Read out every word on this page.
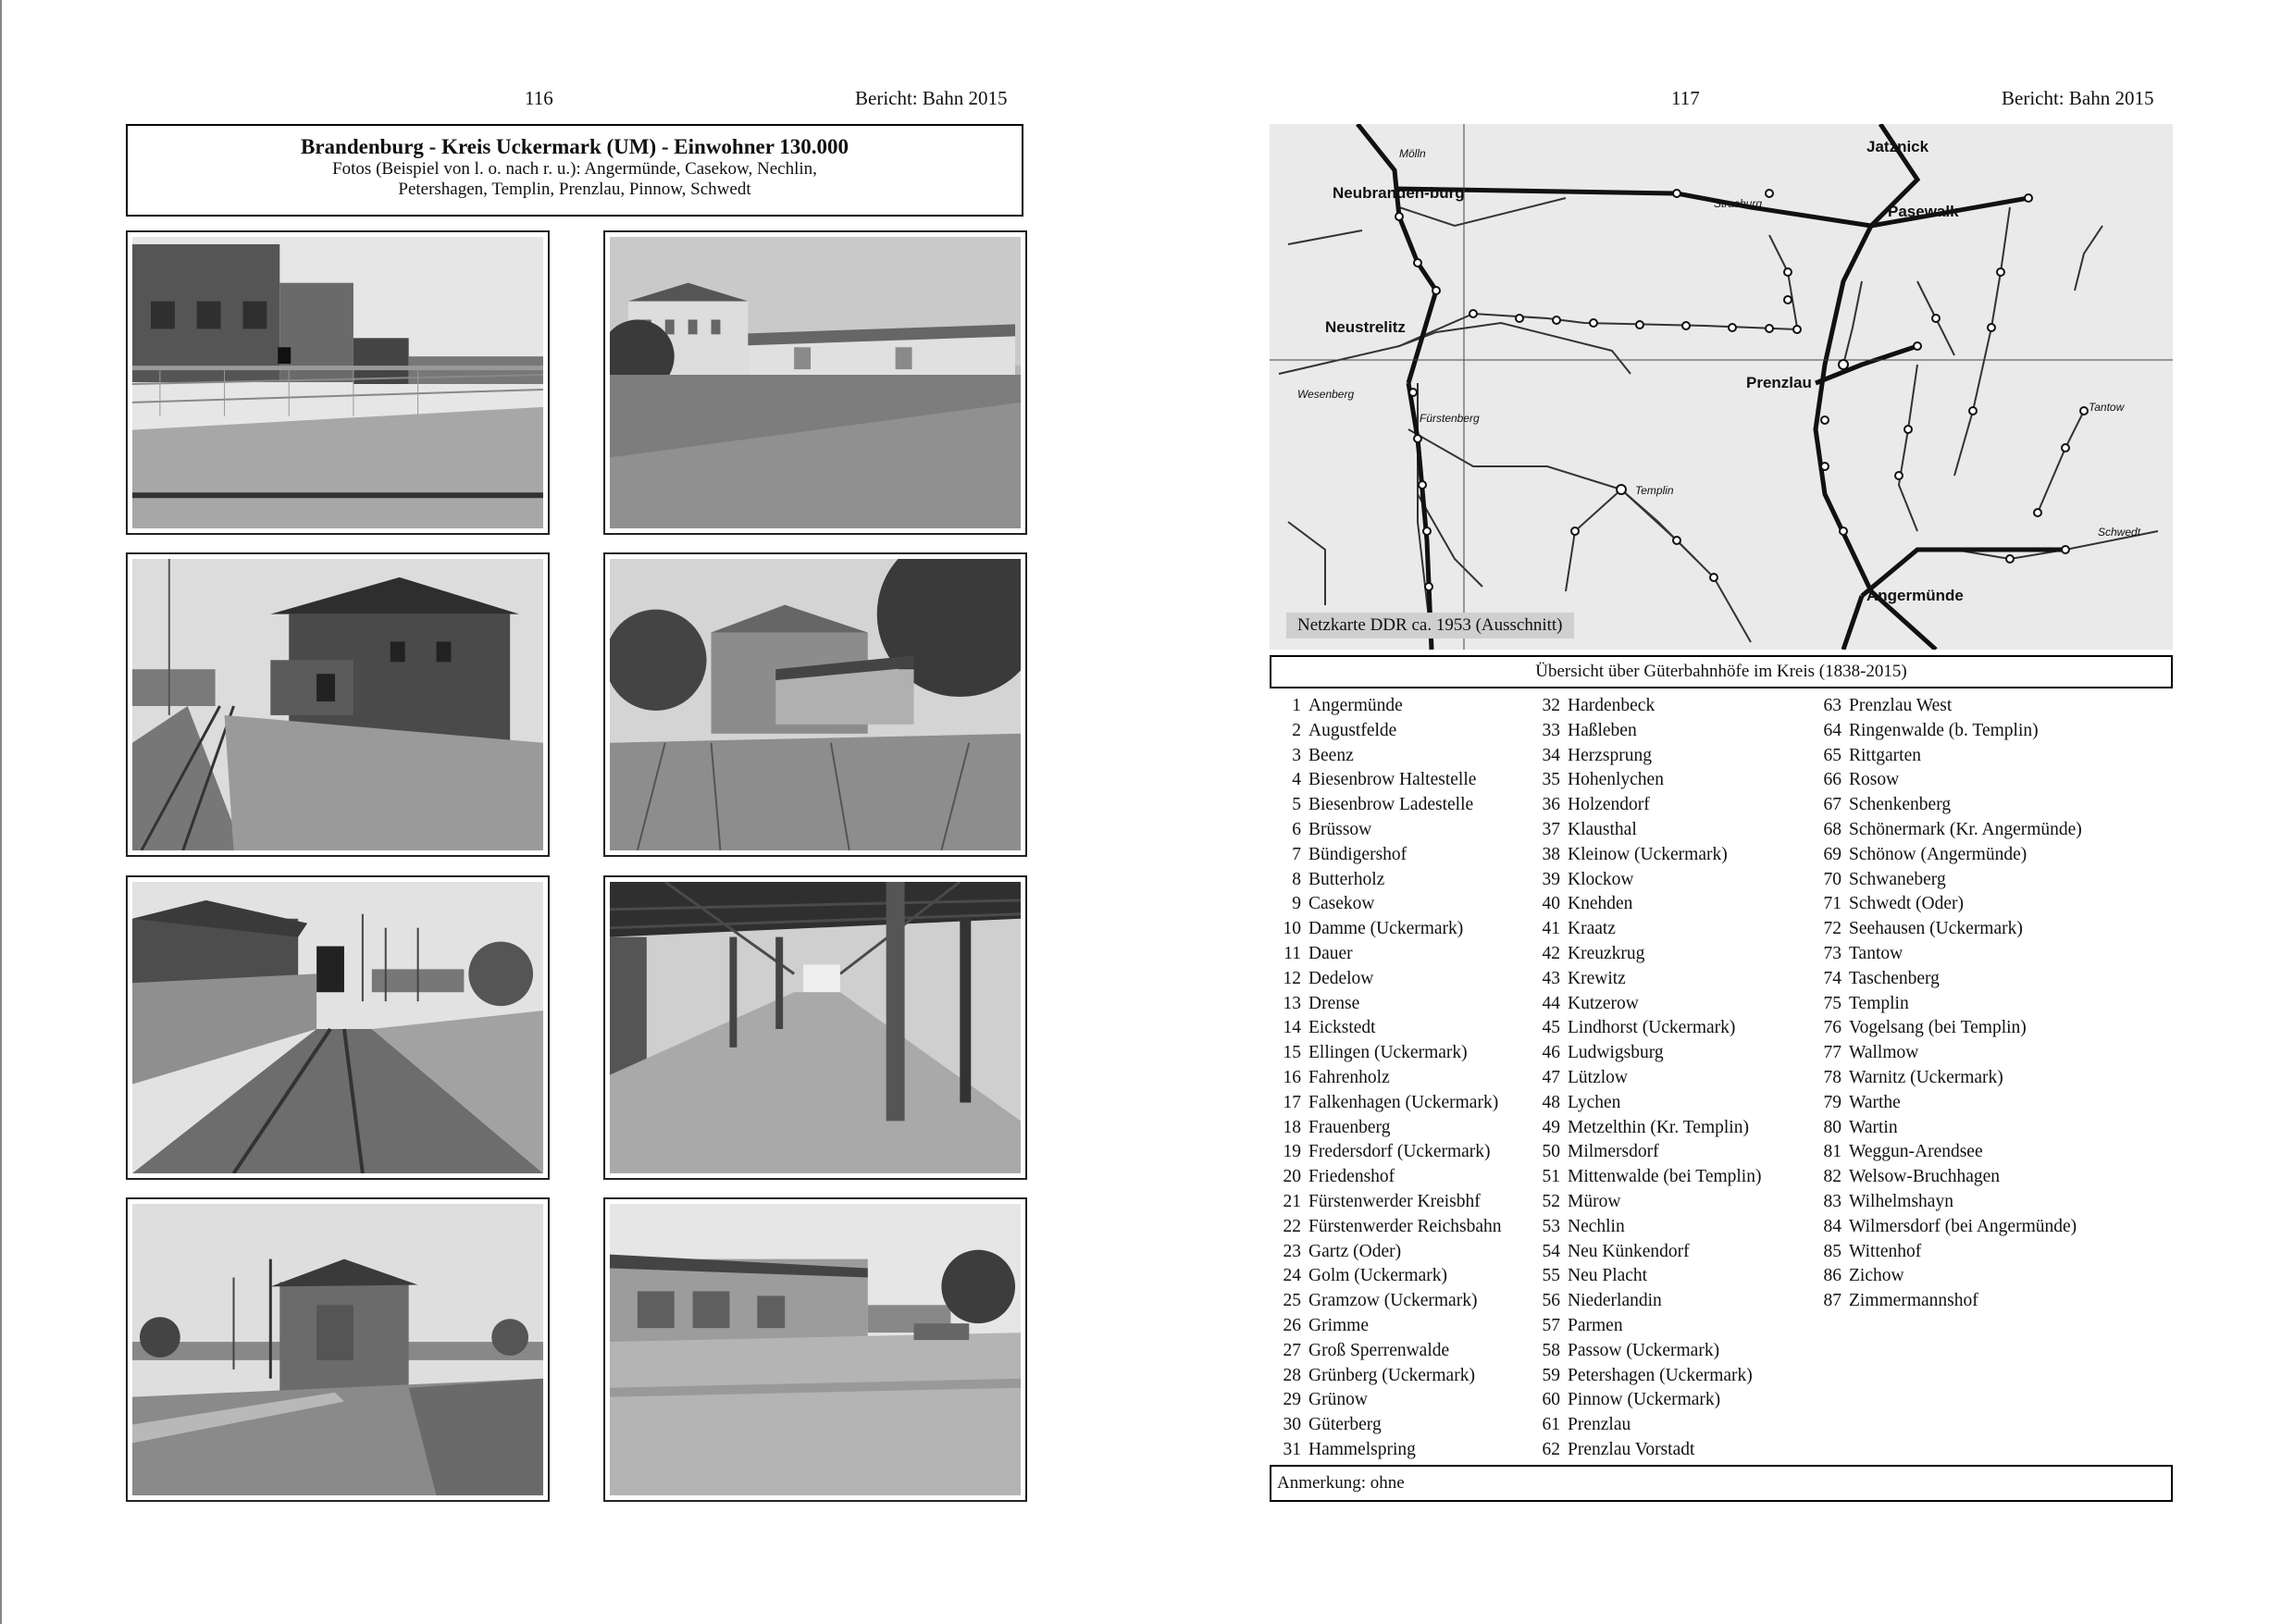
116	Bericht: Bahn 2015
Brandenburg - Kreis Uckermark (UM) - Einwohner 130.000
Fotos (Beispiel von l. o. nach r. u.): Angermünde, Casekow, Nechlin, Petershagen, Templin, Prenzlau, Pinnow, Schwedt
117	Bericht: Bahn 2015
Neubranden-burg
Neustrelitz
Pasewalk
Prenzlau
Angermünde
Jatznick
Templin
Schwedt
Fürstenberg
Strasburg
Tantow
Mölln
Wesenberg
Netzkarte DDR ca. 1953 (Ausschnitt)
Übersicht über Güterbahnhöfe im Kreis (1838-2015)
1 Angermünde
2 Augustfelde
3 Beenz
4 Biesenbrow Haltestelle
5 Biesenbrow Ladestelle
6 Brüssow
7 Bündigershof
8 Butterholz
9 Casekow
10 Damme (Uckermark)
11 Dauer
12 Dedelow
13 Drense
14 Eickstedt
15 Ellingen (Uckermark)
16 Fahrenholz
17 Falkenhagen (Uckermark)
18 Frauenberg
19 Fredersdorf (Uckermark)
20 Friedenshof
21 Fürstenwerder Kreisbhf
22 Fürstenwerder Reichsbahn
23 Gartz (Oder)
24 Golm (Uckermark)
25 Gramzow (Uckermark)
26 Grimme
27 Groß Sperrenwalde
28 Grünberg (Uckermark)
29 Grünow
30 Güterberg
31 Hammelspring
32 Hardenbeck
33 Haßleben
34 Herzsprung
35 Hohenlychen
36 Holzendorf
37 Klausthal
38 Kleinow (Uckermark)
39 Klockow
40 Knehden
41 Kraatz
42 Kreuzkrug
43 Krewitz
44 Kutzerow
45 Lindhorst (Uckermark)
46 Ludwigsburg
47 Lützlow
48 Lychen
49 Metzelthin (Kr. Templin)
50 Milmersdorf
51 Mittenwalde (bei Templin)
52 Mürow
53 Nechlin
54 Neu Künkendorf
55 Neu Placht
56 Niederlandin
57 Parmen
58 Passow (Uckermark)
59 Petershagen (Uckermark)
60 Pinnow (Uckermark)
61 Prenzlau
62 Prenzlau Vorstadt
63 Prenzlau West
64 Ringenwalde (b. Templin)
65 Rittgarten
66 Rosow
67 Schenkenberg
68 Schönermark (Kr. Angermünde)
69 Schönow (Angermünde)
70 Schwaneberg
71 Schwedt (Oder)
72 Seehausen (Uckermark)
73 Tantow
74 Taschenberg
75 Templin
76 Vogelsang (bei Templin)
77 Wallmow
78 Warnitz (Uckermark)
79 Warthe
80 Wartin
81 Weggun-Arendsee
82 Welsow-Bruchhagen
83 Wilhelmshayn
84 Wilmersdorf (bei Angermünde)
85 Wittenhof
86 Zichow
87 Zimmermannshof
Anmerkung: ohne
